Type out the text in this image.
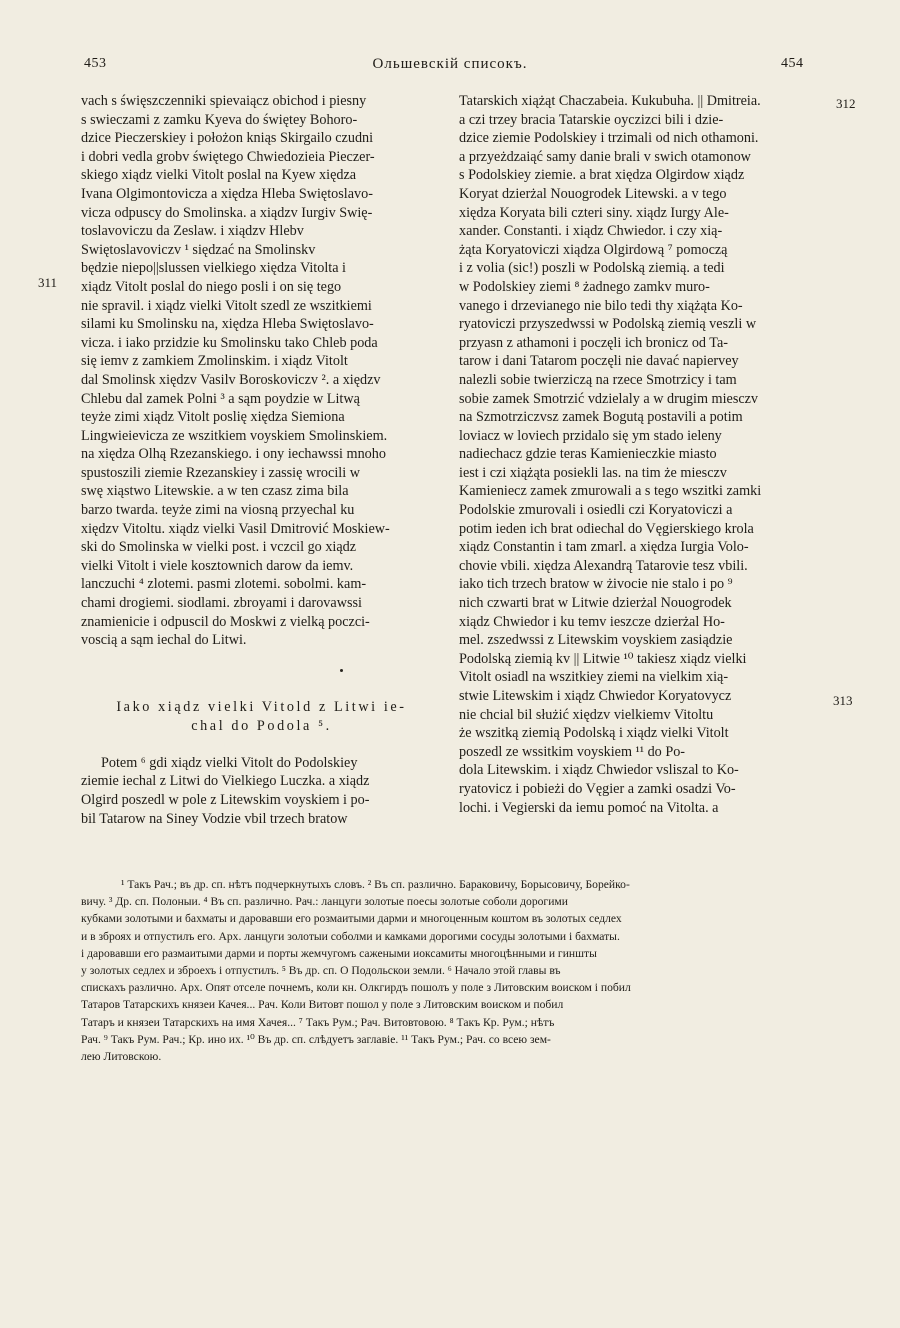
453	Ольшевскій списокъ.	454
311
312
313

vach s święszczenniki spievaiącz obichod i piesny
s swieczami z zamku Kyeva do świętey Bohoro-
dzice Pieczerskiey i położon kniąs Skirgailo czudni
i dobri vedla grobv świętego Chwiedozieia Pieczer-
skiego xiądz vielki Vitolt poslal na Kyew xiędza
Ivana Olgimontovicza a xiędza Hleba Swiętoslavo-
vicza odpuscy do Smolinska. a xiądzv Iurgiv Swię-
toslavoviczu da Zeslaw. i xiądzv Hlebv
Swiętoslavoviczv ¹ siędzać na Smolinskv
będzie niepo||slussen vielkiego xiędza Vitolta i
xiądz Vitolt poslal do niego posli i on się tego
nie spravil. i xiądz vielki Vitolt szedl ze wszitkiemi
silami ku Smolinsku na, xiędza Hleba Swiętoslavo-
vicza. i iako przidzie ku Smolinsku tako Chleb poda
się iemv z zamkiem Zmolinskim. i xiądz Vitolt
dal Smolinsk xiędzv Vasilv Boroskoviczv ². a xiędzv
Chlebu dal zamek Polni ³ a sąm poydzie w Litwą
teyże zimi xiądz Vitolt poslię xiędza Siemiona
Lingwieievicza ze wszitkiem voyskiem Smolinskiem.
na xiędza Olhą Rzezanskiego. i ony iechawssi mnoho
spustoszili ziemie Rzezanskiey i zassię wrocili w
swę xiąstwo Litewskie. a w ten czasz zima bila
barzo twarda. teyże zimi na viosną przyechal ku
xiędzv Vitoltu. xiądz vielki Vasil Dmitrović Moskiew-
ski do Smolinska w vielki post. i vczcil go xiądz
vielki Vitolt i viele kosztownich darow da iemv.
lanczuchi ⁴ zlotemi. pasmi zlotemi. sobolmi. kam-
chami drogiemi. siodlami. zbroyami i darovawssi
znamienicie i odpuscil do Moskwi z vielką poczci-
voscią a sąm iechal do Litwi.

Iako xiądz vielki Vitold z Litwi ie-
chal do Podola ⁵.

Potem ⁶ gdi xiądz vielki Vitolt do Podolskiey
ziemie iechal z Litwi do Vielkiego Luczka. a xiądz
Olgird poszedl w pole z Litewskim voyskiem i po-
bil Tatarow na Siney Vodzie vbil trzech bratow

Tatarskich xiążąt Chaczabeia. Kukubuha. || Dmitreia.
a czi trzey bracia Tatarskie oyczizci bili i dzie-
dzice ziemie Podolskiey i trzimali od nich othamoni.
a przyeżdzaiąć samy danie brali v swich otamonow
s Podolskiey ziemie. a brat xiędza Olgirdow xiądz
Koryat dzierżal Nouogrodek Litewski. a v tego
xiędza Koryata bili czteri siny. xiądz Iurgy Ale-
xander. Constanti. i xiądz Chwiedor. i czy xią-
żąta Koryatoviczi xiądza Olgirdową ⁷ pomoczą
i z volia (sic!) poszli w Podolską ziemią. a tedi
w Podolskiey ziemi ⁸ żadnego zamkv muro-
vanego i drzevianego nie bilo tedi thy xiążąta Ko-
ryatoviczi przyszedwssi w Podolską ziemią veszli w
przyasn z athamoni i poczęli ich bronicz od Ta-
tarow i dani Tatarom poczęli nie davać napiervey
nalezli sobie twierziczą na rzece Smotrzicy i tam
sobie zamek Smotrzić vdzielaly a w drugim miesczv
na Szmotrziczvsz zamek Bogutą postavili a potim
loviacz w loviech przidalo się ym stado ieleny
nadiechacz gdzie teras Kamienieczkie miasto
iest i czi xiążąta posiekli las. na tim że miesczv
Kamieniecz zamek zmurowali a s tego wszitki zamki
Podolskie zmurovali i osiedli czi Koryatoviczi a
potim ieden ich brat odiechal do Vęgierskiego krola
xiądz Constantin i tam zmarl. a xiędza Iurgia Volo-
chovie vbili. xiędza Alexandrą Tatarovie tesz vbili.
iako tich trzech bratow w żivocie nie stalo i po ⁹
nich czwarti brat w Litwie dzierżal Nouogrodek
xiądz Chwiedor i ku temv ieszcze dzierżal Ho-
mel. zszedwssi z Litewskim voyskiem zasiądzie
Podolską ziemią kv || Litwie ¹⁰ takiesz xiądz vielki
Vitolt osiadl na wszitkiey ziemi na vielkim xią-
stwie Litewskim i xiądz Chwiedor Koryatovycz
nie chcial bil służić xiędzv vielkiemv Vitoltu
że wszitką ziemią Podolską i xiądz vielki Vitolt
poszedl ze wssitkim voyskiem ¹¹ do Po-
dola Litewskim. i xiądz Chwiedor vsliszal to Ko-
ryatovicz i pobieżi do Vęgier a zamki osadzi Vo-
lochi. i Vegierski da iemu pomoć na Vitolta. a

¹ Такъ Рач.; въ др. сп. нѣтъ подчеркнутыхъ словъ. ² Въ сп. различно. Бараковичу, Борысовичу, Борейко-
вичу. ³ Др. сп. Полоныи. ⁴ Въ сп. различно. Рач.: ланцуги золотые поесы золотые соболи дорогими
кубками золотыми и бахматы и даровавши его розмаитыми дарми и многоценным коштом въ золотых седлех
и в зброях и отпустилъ его. Арх. ланцуги золотыи соболми и камками дорогими сосуды золотыми і бахматы.
і даровавши его размаитыми дарми и порты жемчугомъ сажеными иоксамиты многоцѣнными и гиншты
у золотых седлех и зброехъ і отпустилъ. ⁵ Въ др. сп. О Подольскои земли. ⁶ Начало этой главы въ
спискахъ различно. Арх. Опят отселе почнемъ, коли кн. Олкгирдъ пошолъ у поле з Литовским воиском і побил
Татаров Татарскихъ князеи Качея... Рач. Коли Витовт пошол у поле з Литовским воиском и побил
Татаръ и князеи Татарскихъ на имя Хачея... ⁷ Такъ Рум.; Рач. Витовтовою. ⁸ Такъ Кр. Рум.; нѣтъ
Рач. ⁹ Такъ Рум. Рач.; Кр. ино их. ¹⁰ Въ др. сп. слѣдуетъ заглавіе. ¹¹ Такъ Рум.; Рач. со всею зем-
лею Литовскою.
